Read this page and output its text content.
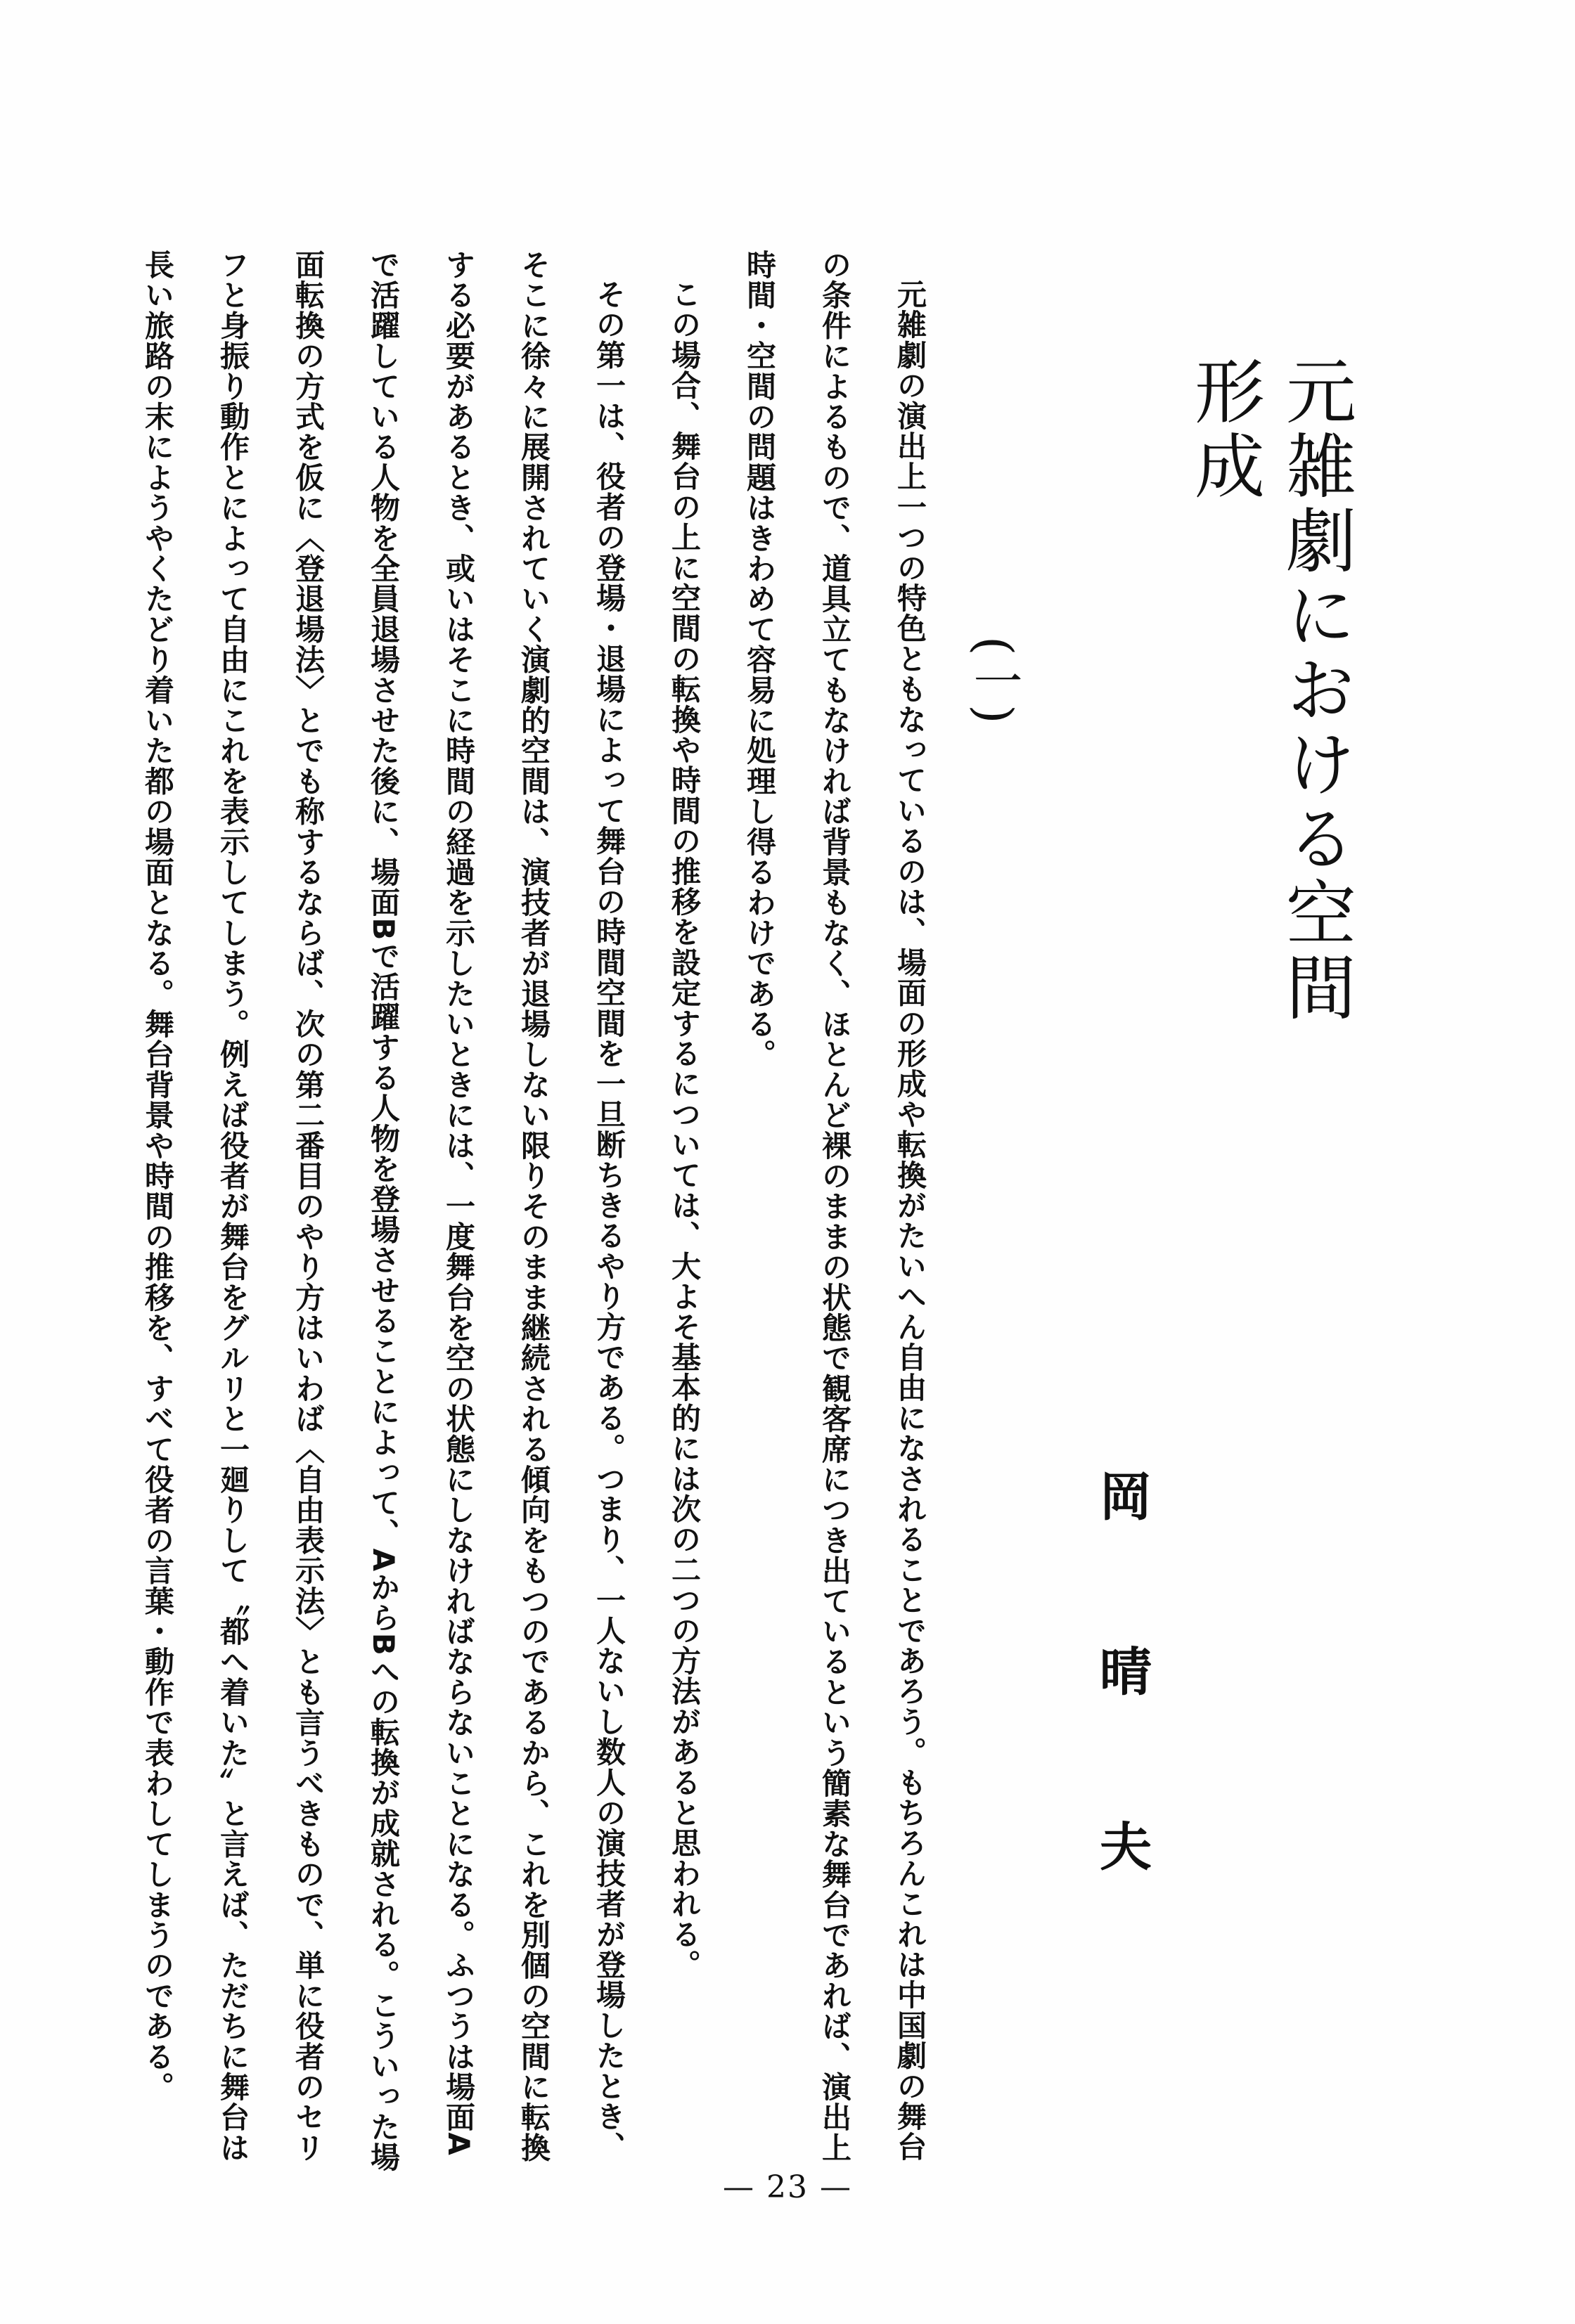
元雑劇における空間形成
(一)
岡晴夫

元雑劇の演出上一つの特色ともなっているのは、場面の形成や転換がたいへん自由になされることであろう。もちろんこれは中国劇の舞台の条件によるもので、道具立てもなければ背景もなく、ほとんど裸のままの状態で観客席につき出ているという簡素な舞台であれば、演出上時間・空間の問題はきわめて容易に処理し得るわけである。

この場合、舞台の上に空間の転換や時間の推移を設定するについては、大よそ基本的には次の二つの方法があると思われる。

その第一は、役者の登場・退場によって舞台の時間空間を一旦断ちきるやり方である。つまり、一人ないし数人の演技者が登場したとき、そこに徐々に展開されていく演劇的空間は、演技者が退場しない限りそのまま継続される傾向をもつのであるから、これを別個の空間に転換する必要があるとき、或いはそこに時間の経過を示したいときには、一度舞台を空の状態にしなければならないことになる。ふつうは場面Aで活躍している人物を全員退場させた後に、場面Bで活躍する人物を登場させることによって、AからBへの転換が成就される。こういった場面転換の方式を仮に〈登退場法〉とでも称するならば、次の第二番目のやり方はいわば〈自由表示法〉とも言うべきもので、単に役者のセリフと身振り動作とによって自由にこれを表示してしまう。例えば役者が舞台をグルリと一廻りして〝都へ着いた〟と言えば、ただちに舞台は長い旅路の末にようやくたどり着いた都の場面となる。舞台背景や時間の推移を、すべて役者の言葉・動作で表わしてしまうのである。

— 23 —
